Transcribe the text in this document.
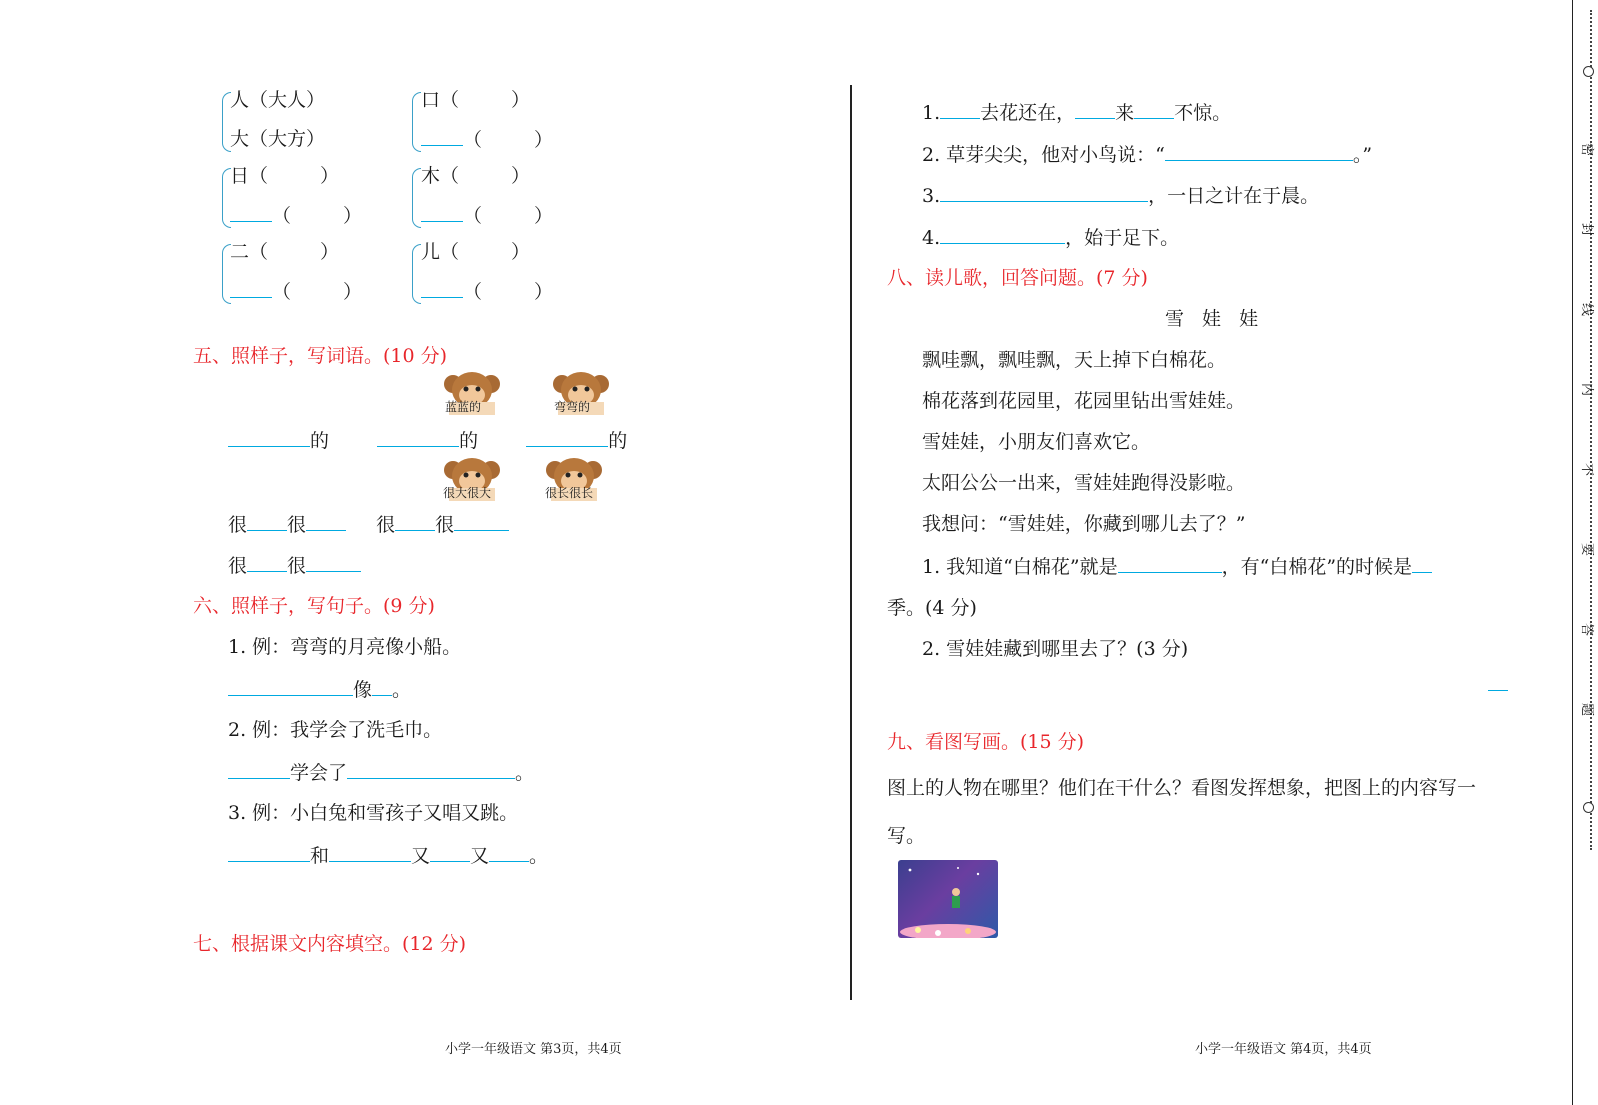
人（大人）
大（大方）
口（	）
（	）
日（	）
（	）
木（	）
（	）
二（	）
（	）
儿（	）
（	）
五、照样子，写词语。(10 分)
蓝蓝的	弯弯的
的	的	的
很大很大	很长很长
很 很	很 很
很 很
六、照样子，写句子。(9 分)
1. 例：弯弯的月亮像小船。
像 。
2. 例：我学会了洗毛巾。
学会了	。
3. 例：小白兔和雪孩子又唱又跳。
和	又 又 。
七、根据课文内容填空。(12 分)
小学一年级语文 第3页，共4页
1. 去花还在， 来 不惊。
2. 草芽尖尖，他对小鸟说：“	。”
3.	，一日之计在于晨。
4.	，始于足下。
八、读儿歌，回答问题。(7 分)
雪 娃 娃
飘哇飘，飘哇飘，天上掉下白棉花。
棉花落到花园里，花园里钻出雪娃娃。
雪娃娃，小朋友们喜欢它。
太阳公公一出来，雪娃娃跑得没影啦。
我想问：“雪娃娃，你藏到哪儿去了？”
1. 我知道“白棉花”就是	，有“白棉花”的时候是
季。(4 分)
2. 雪娃娃藏到哪里去了？(3 分)
九、看图写画。(15 分)
图上的人物在哪里？他们在干什么？看图发挥想象，把图上的内容写一
写。
小学一年级语文 第4页，共4页
密
封
线
内
不
要
答
题
